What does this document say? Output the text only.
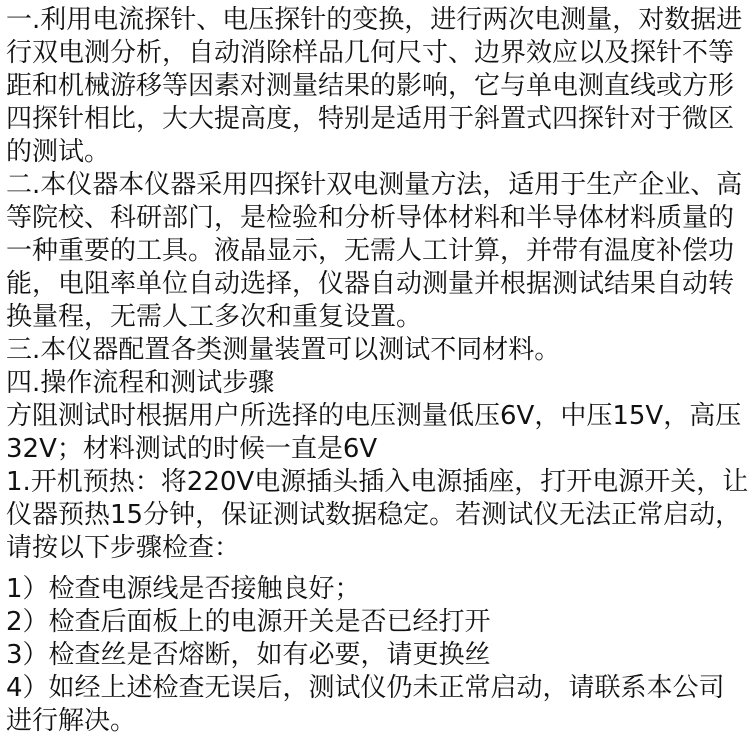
一.利用电流探针、电压探针的变换，进行两次电测量，对数据进行双电测分析，自动消除样品几何尺寸、边界效应以及探针不等距和机械游移等因素对测量结果的影响，它与单电测直线或方形四探针相比，大大提高度，特别是适用于斜置式四探针对于微区的测试。

二.本仪器本仪器采用四探针双电测量方法，适用于生产企业、高等院校、科研部门，是检验和分析导体材料和半导体材料质量的一种重要的工具。液晶显示，无需人工计算，并带有温度补偿功能，电阻率单位自动选择，仪器自动测量并根据测试结果自动转换量程，无需人工多次和重复设置。

三.本仪器配置各类测量装置可以测试不同材料。

四.操作流程和测试步骤

方阻测试时根据用户所选择的电压测量低压6V，中压15V，高压32V；材料测试的时候一直是6V

1.开机预热：将220V电源插头插入电源插座，打开电源开关，让仪器预热15分钟，保证测试数据稳定。若测试仪无法正常启动，请按以下步骤检查：

1）检查电源线是否接触良好；
2）检查后面板上的电源开关是否已经打开
3）检查丝是否熔断，如有必要，请更换丝
4）如经上述检查无误后，测试仪仍未正常启动，请联系本公司进行解决。
